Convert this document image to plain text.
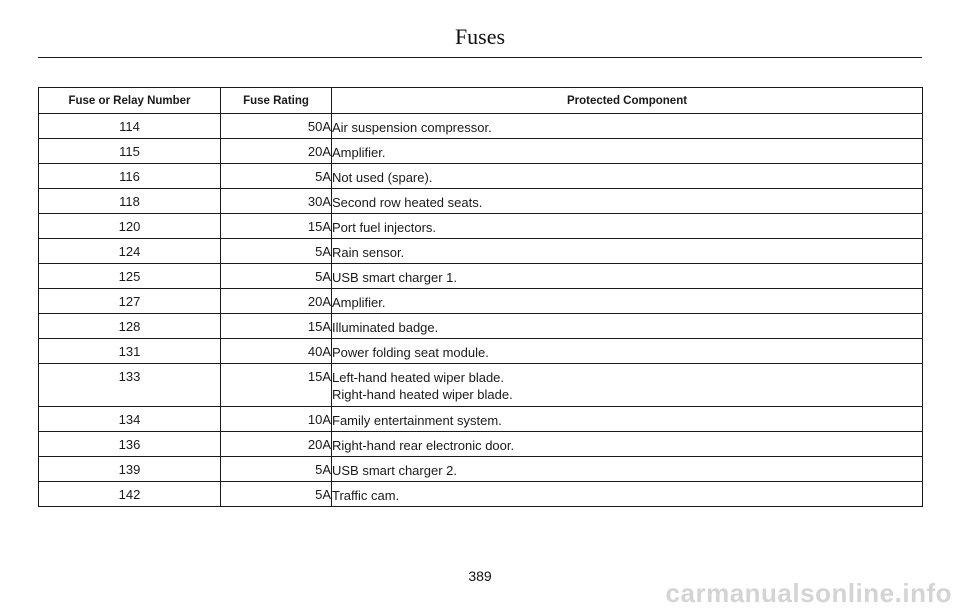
Fuses
Fuse or Relay Number	Fuse Rating	Protected Component
114	50A	Air suspension compressor.

115	20A	Amplifier.

116	5A	Not used (spare).

118	30A	Second row heated seats.

120	15A	Port fuel injectors.

124	5A	Rain sensor.

125	5A	USB smart charger 1.

127	20A	Amplifier.

128	15A	Illuminated badge.

131	40A	Power folding seat module.

133	15A	Left-hand heated wiper blade.
Right-hand heated wiper blade.

134	10A	Family entertainment system.

136	20A	Right-hand rear electronic door.

139	5A	USB smart charger 2.

142	5A	Traffic cam.
389
carmanualsonline.info
